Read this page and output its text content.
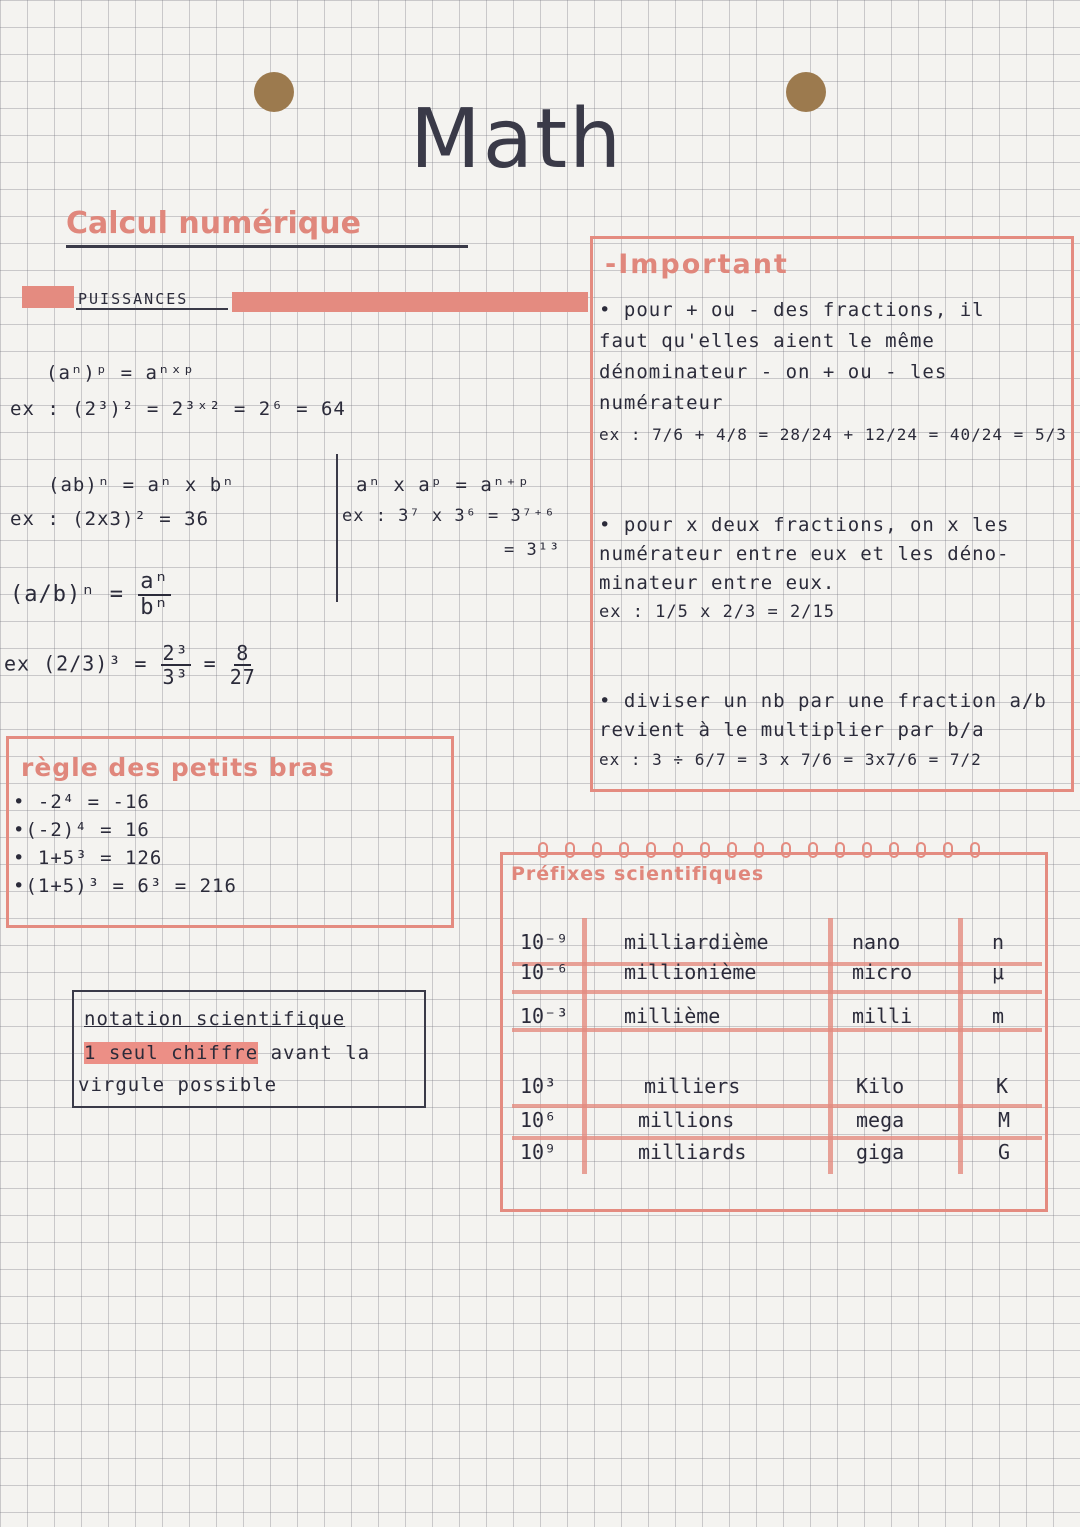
Math
Calcul numérique
PUISSANCES
(aⁿ)ᵖ = aⁿˣᵖ
ex : (2³)² = 2³ˣ² = 2⁶ = 64
(ab)ⁿ = aⁿ x bⁿ
ex : (2x3)² = 36
aⁿ x aᵖ = aⁿ⁺ᵖ
ex : 3⁷ x 3⁶ = 3⁷⁺⁶
= 3¹³
$(a/b)^n = \frac{\text{aⁿ}}{\text{bⁿ}}$
ex $(2/3)^3 = \frac{\text{2³}}{\text{3³}} = \frac{8}{27}$
règle des petits bras
• -2⁴ = -16
•(-2)⁴ = 16
• 1+5³ = 126
•(1+5)³ = 6³ = 216
notation scientifique
1 seul chiffre avant la
virgule possible
-Important
• pour + ou - des fractions, il
faut qu'elles aient le même
dénominateur - on + ou - les
numérateur
ex : 7/6 + 4/8 = 28/24 + 12/24 = 40/24 = 5/3
• pour x deux fractions, on x les
numérateur entre eux et les déno-
minateur entre eux.
ex : 1/5 x 2/3 = 2/15
• diviser un nb par une fraction a/b
revient à le multiplier par b/a
ex : 3 ÷ 6/7 = 3 x 7/6 = 3x7/6 = 7/2
Préfixes scientifiques
10⁻⁹	milliardième	nano	n
10⁻⁶	millionième	micro	μ
10⁻³	millième	milli	m
10³	milliers	Kilo	K
10⁶	millions	mega	M
10⁹	milliards	giga	G
